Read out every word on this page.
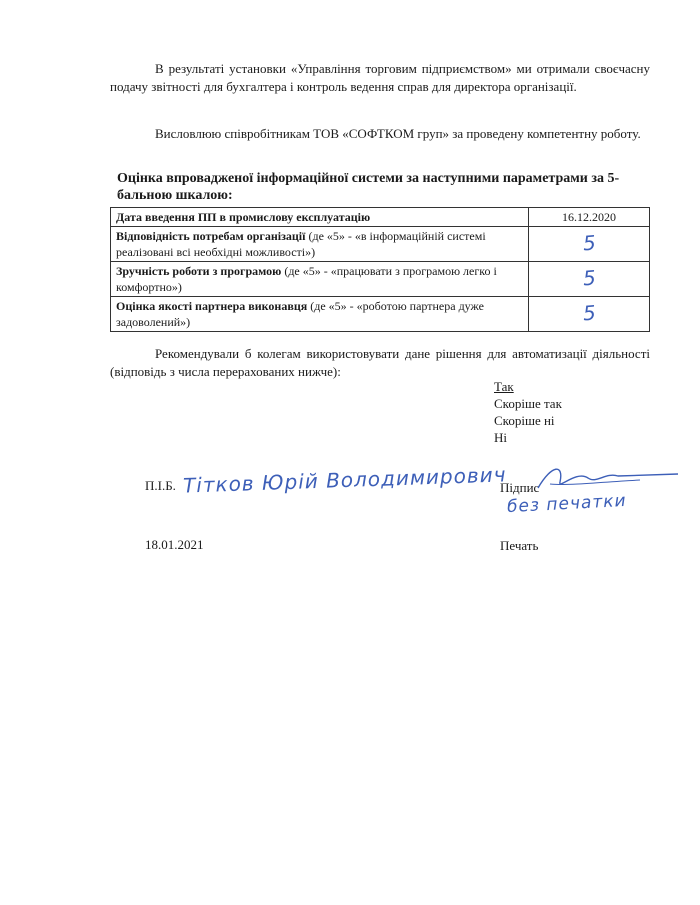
В результаті установки «Управління торговим підприємством» ми отримали своєчасну подачу звітності для бухгалтера і контроль ведення справ для директора організації.

Висловлюю співробітникам ТОВ «СОФТКОМ груп» за проведену компетентну роботу.

Оцінка впровадженої інформаційної системи за наступними параметрами за 5-бальною шкалою:

Дата введення ПП в промислову експлуатацію	16.12.2020
Відповідність потребам організації (де «5» - «в інформаційній системі реалізовані всі необхідні можливості»)	5
Зручність роботи з програмою (де «5» - «працювати з програмою легко і комфортно»)	5
Оцінка якості партнера виконавця (де «5» - «роботою партнера дуже задоволений»)	5

Рекомендували б колегам використовувати дане рішення для автоматизації діяльності (відповідь з числа перерахованих нижче):

Так
Скоріше так
Скоріше ні
Ні
П.І.Б. Тітков Юрій Володимирович
Підпис
без печатки
18.01.2021	Печать
